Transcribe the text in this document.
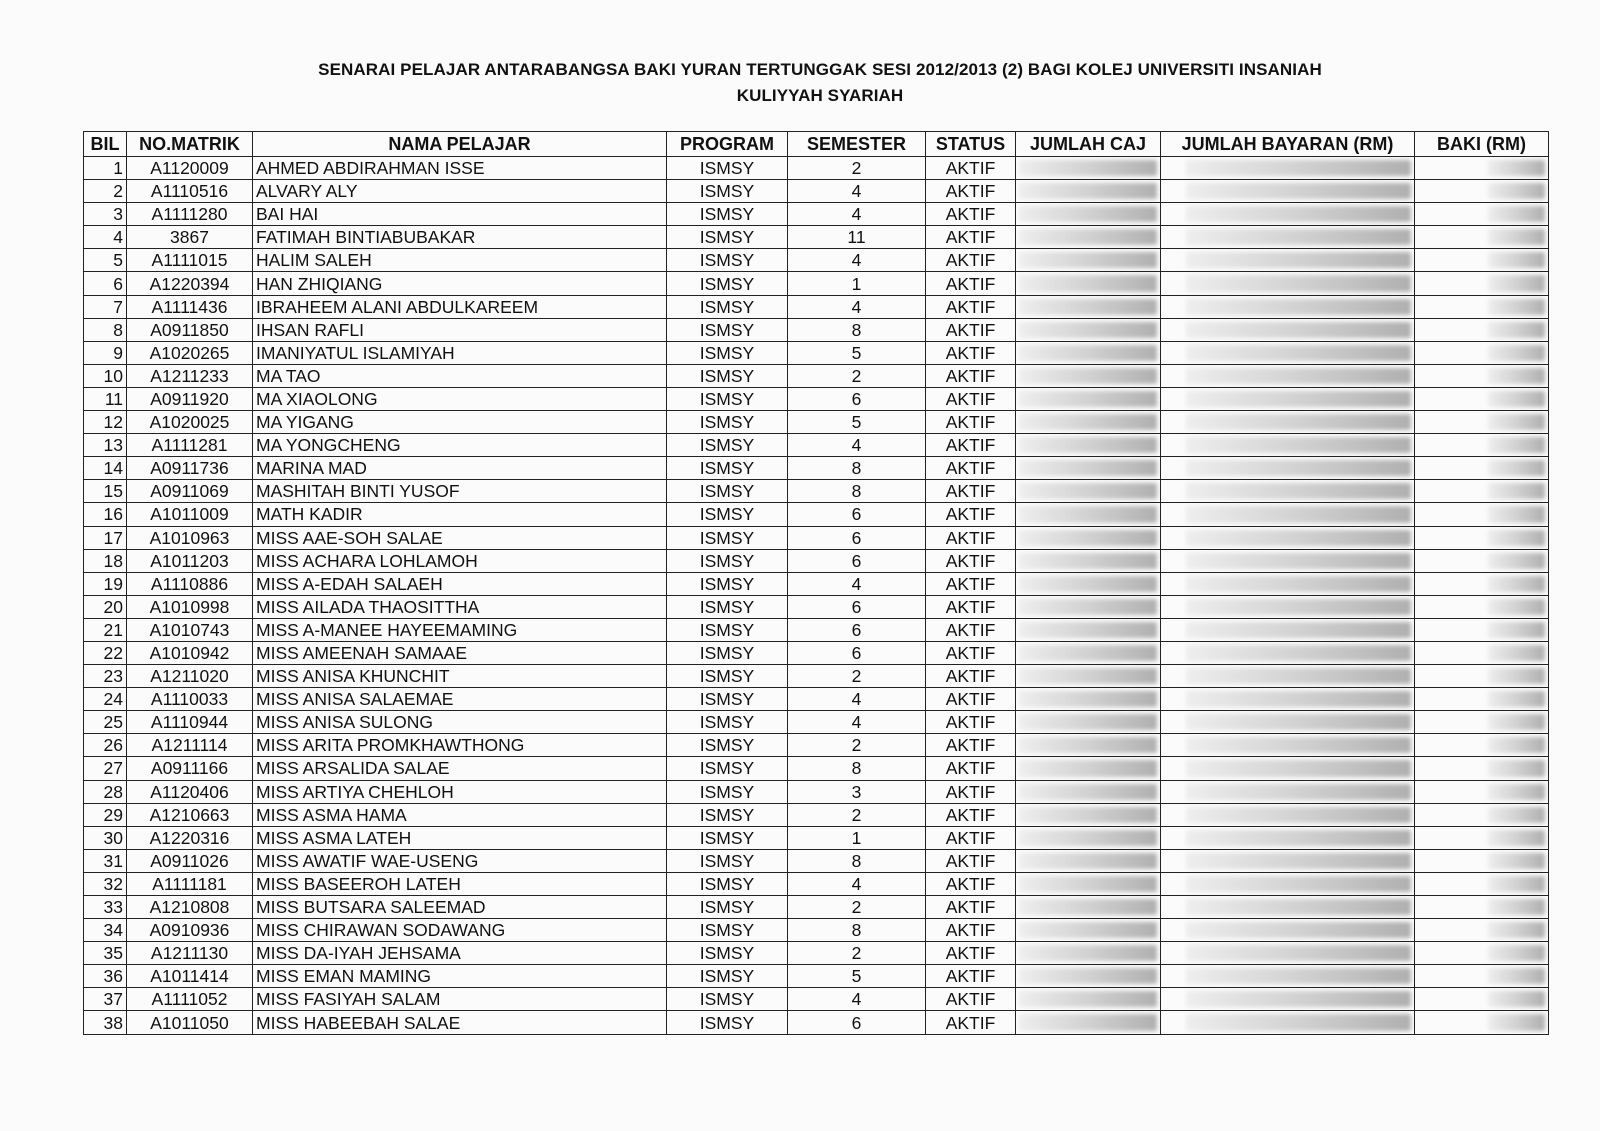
SENARAI PELAJAR ANTARABANGSA BAKI YURAN TERTUNGGAK SESI 2012/2013 (2) BAGI KOLEJ UNIVERSITI INSANIAH
KULIYYAH SYARIAH
BIL	NO.MATRIK	NAMA PELAJAR	PROGRAM	SEMESTER	STATUS	JUMLAH CAJ	JUMLAH BAYARAN (RM)	BAKI (RM)
1	A1120009	AHMED ABDIRAHMAN ISSE	ISMSY	2	AKTIF	

2	A1110516	ALVARY ALY	ISMSY	4	AKTIF	

3	A1111280	BAI HAI	ISMSY	4	AKTIF	

4	3867	FATIMAH BINTIABUBAKAR	ISMSY	11	AKTIF	

5	A1111015	HALIM SALEH	ISMSY	4	AKTIF	

6	A1220394	HAN ZHIQIANG	ISMSY	1	AKTIF	

7	A1111436	IBRAHEEM ALANI ABDULKAREEM	ISMSY	4	AKTIF	

8	A0911850	IHSAN RAFLI	ISMSY	8	AKTIF	

9	A1020265	IMANIYATUL ISLAMIYAH	ISMSY	5	AKTIF	

10	A1211233	MA TAO	ISMSY	2	AKTIF	

11	A0911920	MA XIAOLONG	ISMSY	6	AKTIF	

12	A1020025	MA YIGANG	ISMSY	5	AKTIF	

13	A1111281	MA YONGCHENG	ISMSY	4	AKTIF	

14	A0911736	MARINA MAD	ISMSY	8	AKTIF	

15	A0911069	MASHITAH BINTI YUSOF	ISMSY	8	AKTIF	

16	A1011009	MATH KADIR	ISMSY	6	AKTIF	

17	A1010963	MISS AAE-SOH SALAE	ISMSY	6	AKTIF	

18	A1011203	MISS ACHARA LOHLAMOH	ISMSY	6	AKTIF	

19	A1110886	MISS A-EDAH SALAEH	ISMSY	4	AKTIF	

20	A1010998	MISS AILADA THAOSITTHA	ISMSY	6	AKTIF	

21	A1010743	MISS A-MANEE HAYEEMAMING	ISMSY	6	AKTIF	

22	A1010942	MISS AMEENAH SAMAAE	ISMSY	6	AKTIF	

23	A1211020	MISS ANISA KHUNCHIT	ISMSY	2	AKTIF	

24	A1110033	MISS ANISA SALAEMAE	ISMSY	4	AKTIF	

25	A1110944	MISS ANISA SULONG	ISMSY	4	AKTIF	

26	A1211114	MISS ARITA PROMKHAWTHONG	ISMSY	2	AKTIF	

27	A0911166	MISS ARSALIDA SALAE	ISMSY	8	AKTIF	

28	A1120406	MISS ARTIYA CHEHLOH	ISMSY	3	AKTIF	

29	A1210663	MISS ASMA HAMA	ISMSY	2	AKTIF	

30	A1220316	MISS ASMA LATEH	ISMSY	1	AKTIF	

31	A0911026	MISS AWATIF WAE-USENG	ISMSY	8	AKTIF	

32	A1111181	MISS BASEEROH LATEH	ISMSY	4	AKTIF	

33	A1210808	MISS BUTSARA SALEEMAD	ISMSY	2	AKTIF	

34	A0910936	MISS CHIRAWAN SODAWANG	ISMSY	8	AKTIF	

35	A1211130	MISS DA-IYAH JEHSAMA	ISMSY	2	AKTIF	

36	A1011414	MISS EMAN MAMING	ISMSY	5	AKTIF	

37	A1111052	MISS FASIYAH SALAM	ISMSY	4	AKTIF	

38	A1011050	MISS HABEEBAH SALAE	ISMSY	6	AKTIF	
